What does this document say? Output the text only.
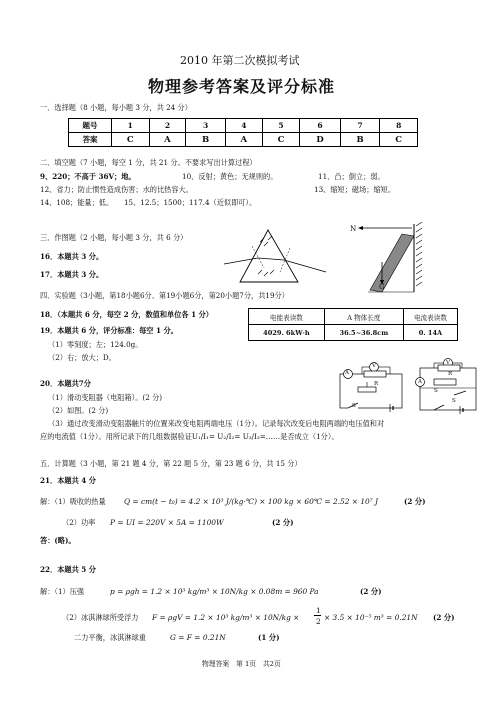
2010 年第二次模拟考试
物理参考答案及评分标准
一．选择题（8 小题，每小题 3 分，共 24 分）
题号	1	2	3	4	5	6	7	8
答案	C	A	B	A	C	D	B	C
二．填空题（7 小题，每空 1 分，共 21 分。不要求写出计算过程）
9、220；不高于 36V；地。	10、反射；黄色；无规则的。	11、凸；倒立；弱。
12、省力；防止惯性造成伤害；水的比热容大。	13、缩短；磁场；缩短。
14、108；能量；低。　　15、12.5；1500；117.4（近似即可）。
三．作图题（2 小题，每小题 3 分，共 6 分）
16．本题共 3 分。
17．本题共 3 分。
N
G
四．实验题（3小题，第18小题6分、第19小题6分，第20小题7分，共19分）
18．（本题共 6 分，每空 2 分，数值和单位各 1 分）	电能表读数	A 物体长度	电流表读数
4029. 6kW·h	36.5~36.8cm	0. 14A
19．本题共 6 分，评分标准：每空 1 分。
（1）零刻度；左；124.0g。
（2）右；放大；D。
20．本题共7分
（1）滑动变阻器（电阻箱）。(2 分)
（2）如图。(2 分)
（3）通过改变滑动变阻器触片的位置来改变电阻两端电压（1分）。记录每次改变后电阻两端的电压值和对
应的电流值（1分）。用所记录下的几组数据验证U₁/I₁= U₂/I₂= U₃/I₃=……是否成立（1分）。
A
V
R
S
A
V
R
S
S
五．计算题（3 小题，第 21 题 4 分，第 22 题 5 分，第 23 题 6 分，共 15 分）
21．本题共 4 分
解：（1）吸收的热量 Q = cm(t − t₀) = 4.2 × 10³ J/(kg·℃) × 100 kg × 60℃ = 2.52 × 10⁷ J	(2 分)
（2）功率 P = UI = 220V × 5A = 1100W	(2 分)
答：(略)。
22．本题共 5 分
解：（1）压强	p = ρgh = 1.2 × 10³ kg/m³ × 10N/kg × 0.08m = 960 Pa	(2 分)
（2）冰淇淋球所受浮力 F = ρgV = 1.2 × 10³ kg/m³ × 10N/kg ×
1
2 × 3.5 × 10⁻⁵ m³ = 0.21N (2 分)
二力平衡，冰淇淋球重	G = F = 0.21N	(1 分)
物理答案　第 1页　共2页
